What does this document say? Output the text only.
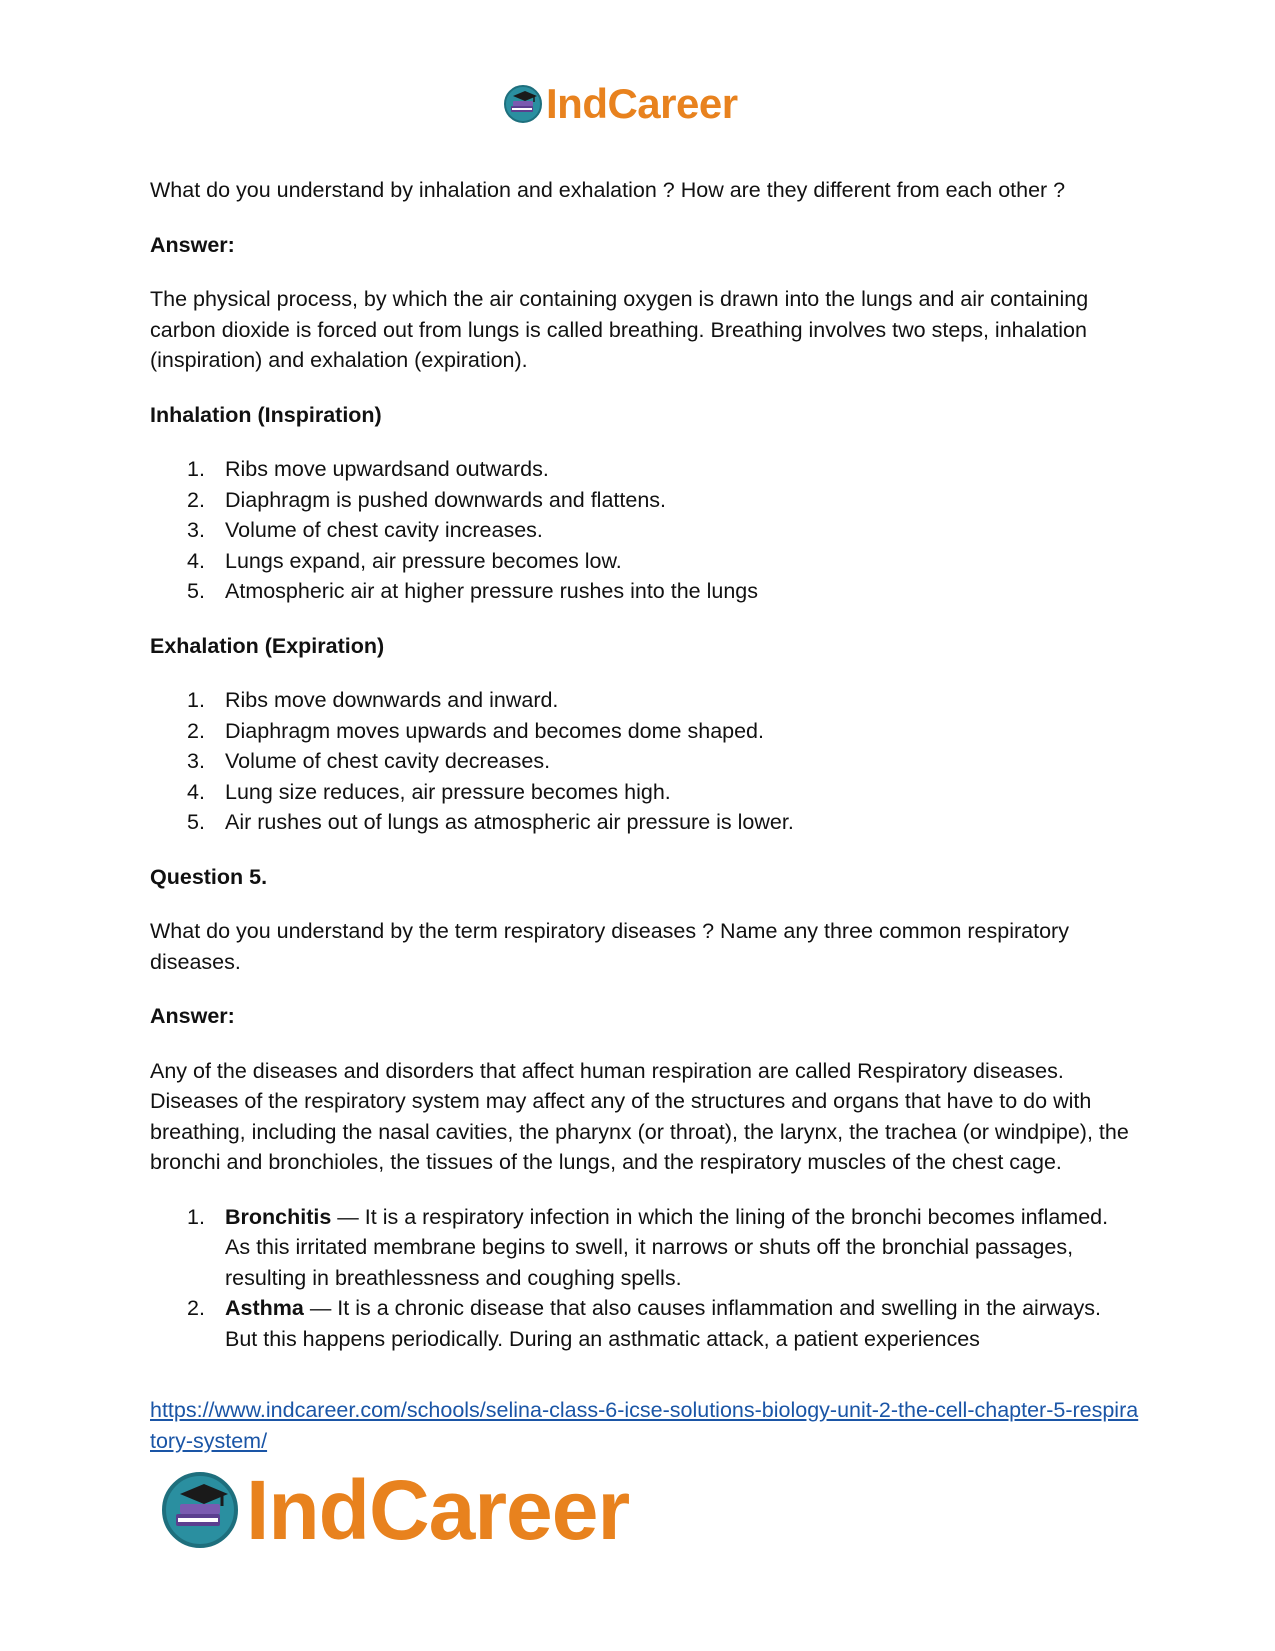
IndCareer

What do you understand by inhalation and exhalation ? How are they different from each other ?

Answer:

The physical process, by which the air containing oxygen is drawn into the lungs and air containing carbon dioxide is forced out from lungs is called breathing. Breathing involves two steps, inhalation (inspiration) and exhalation (expiration).

Inhalation (Inspiration)

1. Ribs move upwardsand outwards.
2. Diaphragm is pushed downwards and flattens.
3. Volume of chest cavity increases.
4. Lungs expand, air pressure becomes low.
5. Atmospheric air at higher pressure rushes into the lungs

Exhalation (Expiration)

1. Ribs move downwards and inward.
2. Diaphragm moves upwards and becomes dome shaped.
3. Volume of chest cavity decreases.
4. Lung size reduces, air pressure becomes high.
5. Air rushes out of lungs as atmospheric air pressure is lower.

Question 5.

What do you understand by the term respiratory diseases ? Name any three common respiratory diseases.

Answer:

Any of the diseases and disorders that affect human respiration are called Respiratory diseases. Diseases of the respiratory system may affect any of the structures and organs that have to do with breathing, including the nasal cavities, the pharynx (or throat), the larynx, the trachea (or windpipe), the bronchi and bronchioles, the tissues of the lungs, and the respiratory muscles of the chest cage.

1. Bronchitis — It is a respiratory infection in which the lining of the bronchi becomes inflamed. As this irritated membrane begins to swell, it narrows or shuts off the bronchial passages, resulting in breathlessness and coughing spells.
2. Asthma — It is a chronic disease that also causes inflammation and swelling in the airways. But this happens periodically. During an asthmatic attack, a patient experiences
https://www.indcareer.com/schools/selina-class-6-icse-solutions-biology-unit-2-the-cell-chapter-5-respiratory-system/
IndCareer
